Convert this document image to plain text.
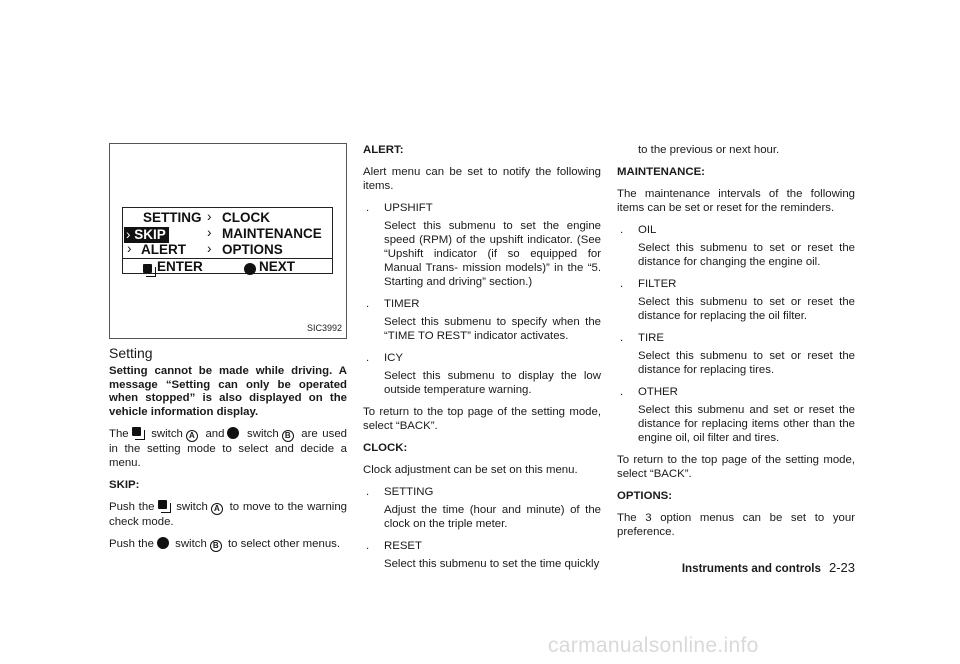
SETTING › CLOCK
› SKIP	› MAINTENANCE
› ALERT › OPTIONS
ENTER	NEXT
SIC3992
Setting
Setting cannot be made while driving. A message “Setting can only be operated when stopped” is also displayed on the vehicle information display.

The switch A and switch B are used in the setting mode to select and decide a menu.

SKIP:

Push the switch A to move to the warning check mode.

Push the switch B to select other menus.

ALERT:

Alert menu can be set to notify the following items.

. UPSHIFT
Select this submenu to set the engine speed (RPM) of the upshift indicator. (See “Upshift indicator (if so equipped for Manual Trans- mission models)” in the “5. Starting and driving” section.)
. TIMER
Select this submenu to specify when the “TIME TO REST” indicator activates.
. ICY
Select this submenu to display the low outside temperature warning.

To return to the top page of the setting mode, select “BACK”.

CLOCK:

Clock adjustment can be set on this menu.

. SETTING
Adjust the time (hour and minute) of the clock on the triple meter.
. RESET
Select this submenu to set the time quickly
to the previous or next hour.
MAINTENANCE:

The maintenance intervals of the following items can be set or reset for the reminders.

. OIL
Select this submenu to set or reset the distance for changing the engine oil.
. FILTER
Select this submenu to set or reset the distance for replacing the oil filter.
. TIRE
Select this submenu to set or reset the distance for replacing tires.
. OTHER
Select this submenu and set or reset the distance for replacing items other than the engine oil, oil filter and tires.

To return to the top page of the setting mode, select “BACK”.

OPTIONS:

The 3 option menus can be set to your preference.

Instruments and controls 2-23
carmanualsonline.info
